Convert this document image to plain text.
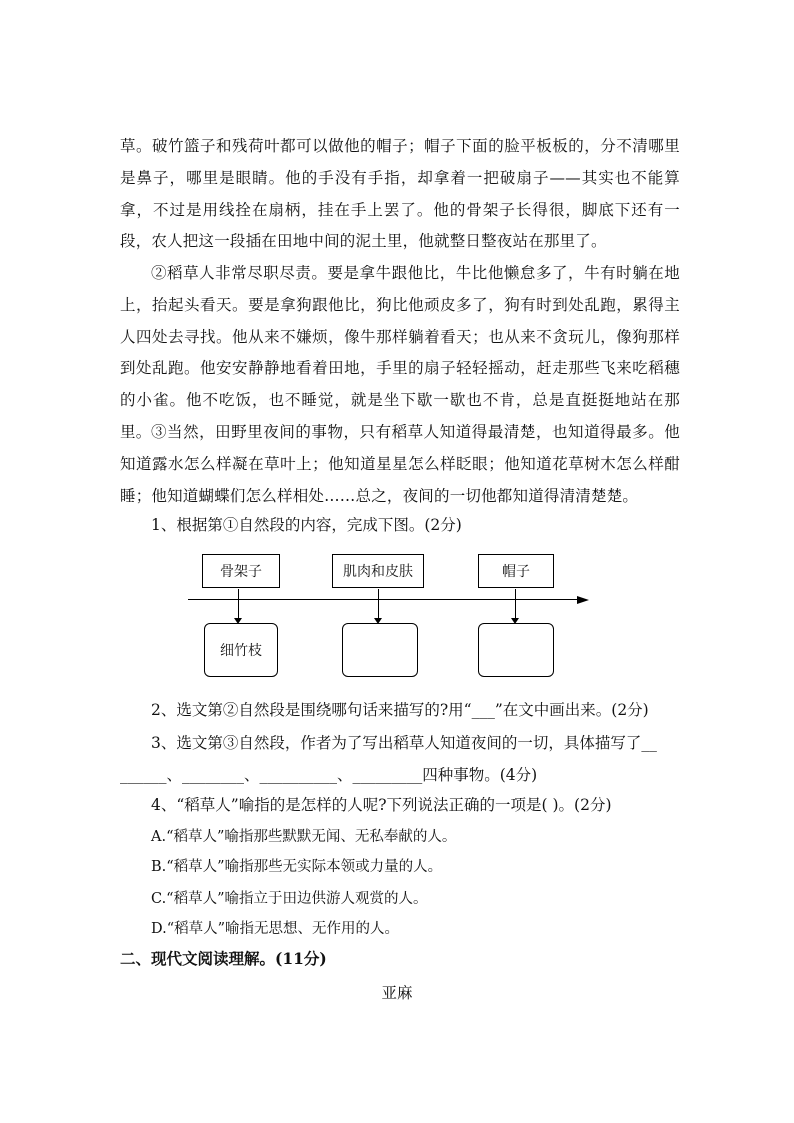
草。破竹篮子和残荷叶都可以做他的帽子；帽子下面的脸平板板的，分不清哪里是鼻子，哪里是眼睛。他的手没有手指，却拿着一把破扇子——其实也不能算拿，不过是用线拴在扇柄，挂在手上罢了。他的骨架子长得很，脚底下还有一段，农人把这一段插在田地中间的泥土里，他就整日整夜站在那里了。
②稻草人非常尽职尽责。要是拿牛跟他比，牛比他懒怠多了，牛有时躺在地上，抬起头看天。要是拿狗跟他比，狗比他顽皮多了，狗有时到处乱跑，累得主人四处去寻找。他从来不嫌烦，像牛那样躺着看天；也从来不贪玩儿，像狗那样到处乱跑。他安安静静地看着田地，手里的扇子轻轻摇动，赶走那些飞来吃稻穗的小雀。他不吃饭，也不睡觉，就是坐下歇一歇也不肯，总是直挺挺地站在那里。 ③当然，田野里夜间的事物，只有稻草人知道得最清楚，也知道得最多。他知道露水怎么样凝在草叶上；他知道星星怎么样眨眼；他知道花草树木怎么样酣睡；他知道蝴蝶们怎么样相处……总之，夜间的一切他都知道得清清楚楚。
1、根据第①自然段的内容，完成下图。(2分)
骨架子	肌肉和皮肤	帽子
细竹枝
2、选文第②自然段是围绕哪句话来描写的?用“___”在文中画出来。(2分)
3、选文第③自然段，作者为了写出稻草人知道夜间的一切，具体描写了__
______、________、__________、_________四种事物。(4分)
4、“稻草人”喻指的是怎样的人呢?下列说法正确的一项是( )。(2分)
A.“稻草人”喻指那些默默无闻、无私奉献的人。
B.“稻草人”喻指那些无实际本领或力量的人。
C.“稻草人”喻指立于田边供游人观赏的人。
D.“稻草人”喻指无思想、无作用的人。
二、现代文阅读理解。(11分)
亚麻
